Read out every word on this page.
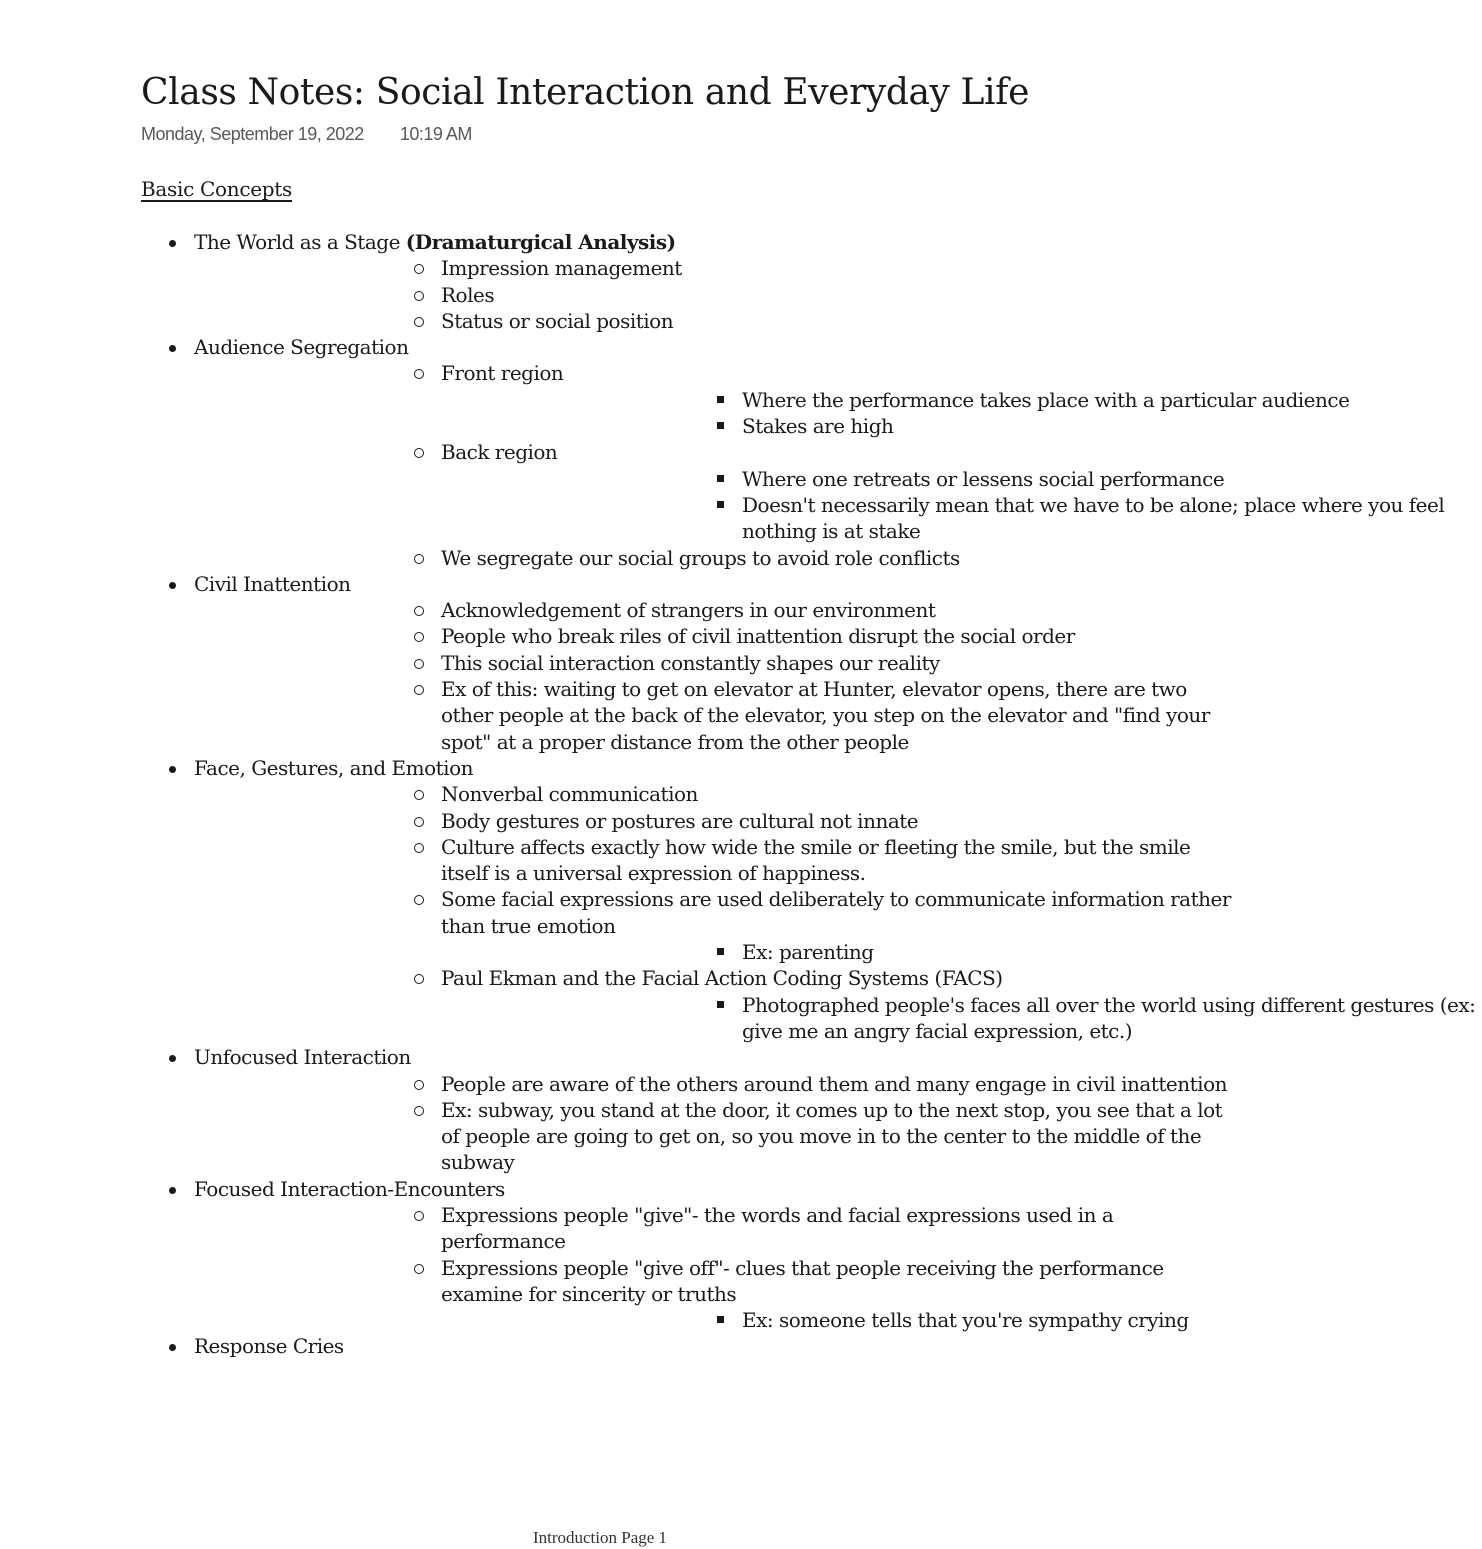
Class Notes: Social Interaction and Everyday Life
Monday, September 19, 2022 10:19 AM
Basic Concepts
The World as a Stage (Dramaturgical Analysis)
Impression management
Roles
Status or social position
Audience Segregation
Front region
Where the performance takes place with a particular audience
Stakes are high
Back region
Where one retreats or lessens social performance
Doesn't necessarily mean that we have to be alone; place where you feel nothing is at stake
We segregate our social groups to avoid role conflicts
Civil Inattention
Acknowledgement of strangers in our environment
People who break riles of civil inattention disrupt the social order
This social interaction constantly shapes our reality
Ex of this: waiting to get on elevator at Hunter, elevator opens, there are two other people at the back of the elevator, you step on the elevator and "find your spot" at a proper distance from the other people
Face, Gestures, and Emotion
Nonverbal communication
Body gestures or postures are cultural not innate
Culture affects exactly how wide the smile or fleeting the smile, but the smile itself is a universal expression of happiness.
Some facial expressions are used deliberately to communicate information rather than true emotion
Ex: parenting
Paul Ekman and the Facial Action Coding Systems (FACS)
Photographed people's faces all over the world using different gestures (ex: give me an angry facial expression, etc.)
Unfocused Interaction
People are aware of the others around them and many engage in civil inattention
Ex: subway, you stand at the door, it comes up to the next stop, you see that a lot of people are going to get on, so you move in to the center to the middle of the subway
Focused Interaction-Encounters
Expressions people "give"- the words and facial expressions used in a performance
Expressions people "give off"- clues that people receiving the performance examine for sincerity or truths
Ex: someone tells that you're sympathy crying
Response Cries
Introduction Page 1
